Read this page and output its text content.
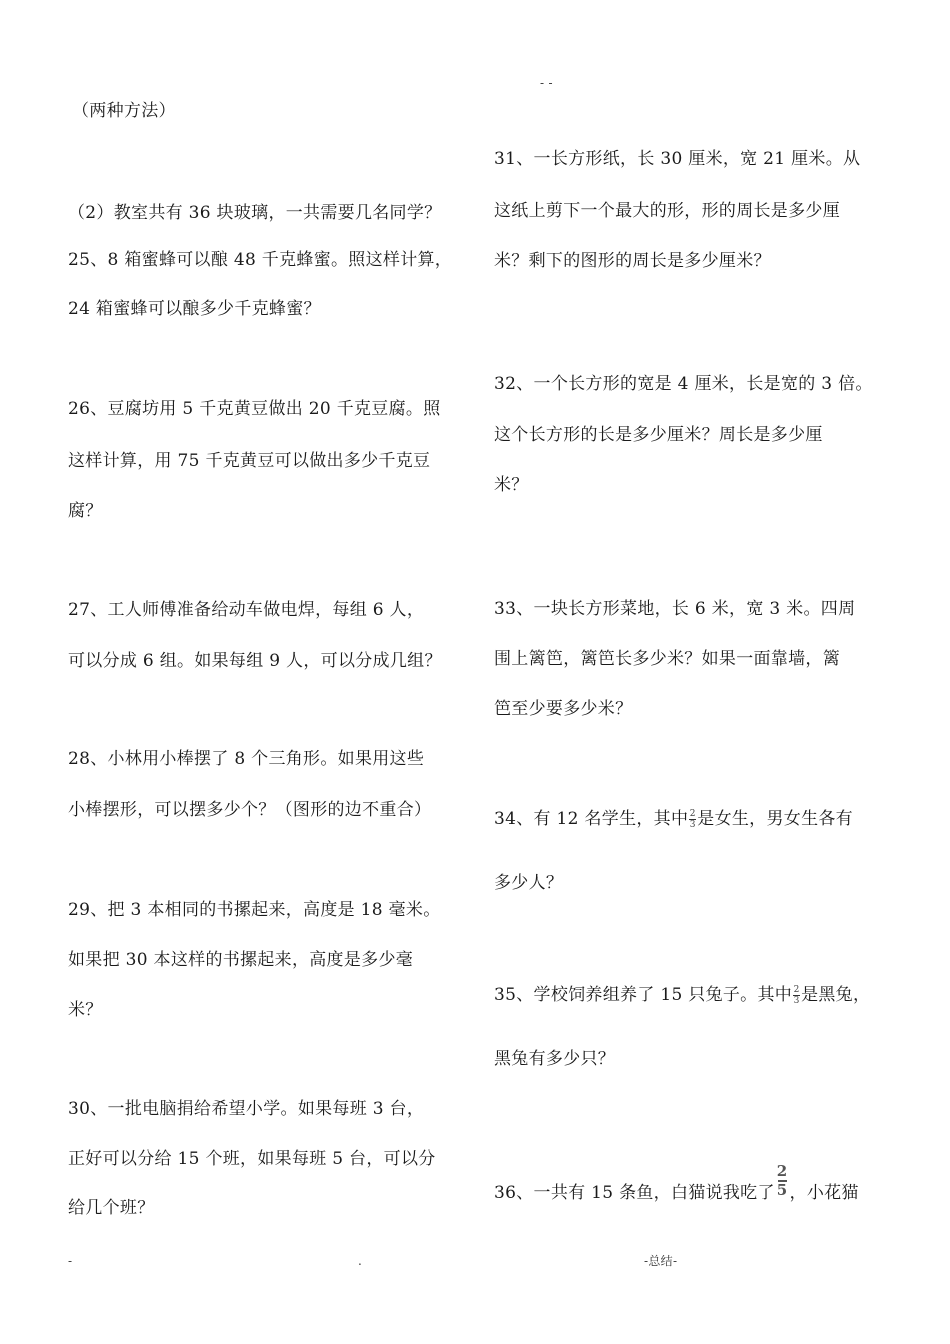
- -
（两种方法）
（2）教室共有 36 块玻璃，一共需要几名同学？
25、8 箱蜜蜂可以酿 48 千克蜂蜜。照这样计算，
24 箱蜜蜂可以酿多少千克蜂蜜？
26、豆腐坊用 5 千克黄豆做出 20 千克豆腐。照
这样计算，用 75 千克黄豆可以做出多少千克豆
腐？
27、工人师傅准备给动车做电焊，每组 6 人，
可以分成 6 组。如果每组 9 人，可以分成几组？
28、小林用小棒摆了 8 个三角形。如果用这些
小棒摆形，可以摆多少个？（图形的边不重合）
29、把 3 本相同的书摞起来，高度是 18 毫米。
如果把 30 本这样的书摞起来，高度是多少毫
米？
30、一批电脑捐给希望小学。如果每班 3 台，
正好可以分给 15 个班，如果每班 5 台，可以分
给几个班？
31、一长方形纸，长 30 厘米，宽 21 厘米。从
这纸上剪下一个最大的形，形的周长是多少厘
米？剩下的图形的周长是多少厘米？
32、一个长方形的宽是 4 厘米，长是宽的 3 倍。
这个长方形的长是多少厘米？周长是多少厘
米？
33、一块长方形菜地，长 6 米，宽 3 米。四周
围上篱笆，篱笆长多少米？如果一面靠墙，篱
笆至少要多少米？
34、有 12 名学生，其中 $\frac{2}{3}$ 是女生，男女生各有
多少人？
35、学校饲养组养了 15 只兔子。其中 $\frac{2}{3}$ 是黑兔，
黑兔有多少只？
36、一共有 15 条鱼，白猫说我吃了 $\frac{2}{5}$ ，小花猫
-	.	-总结-
